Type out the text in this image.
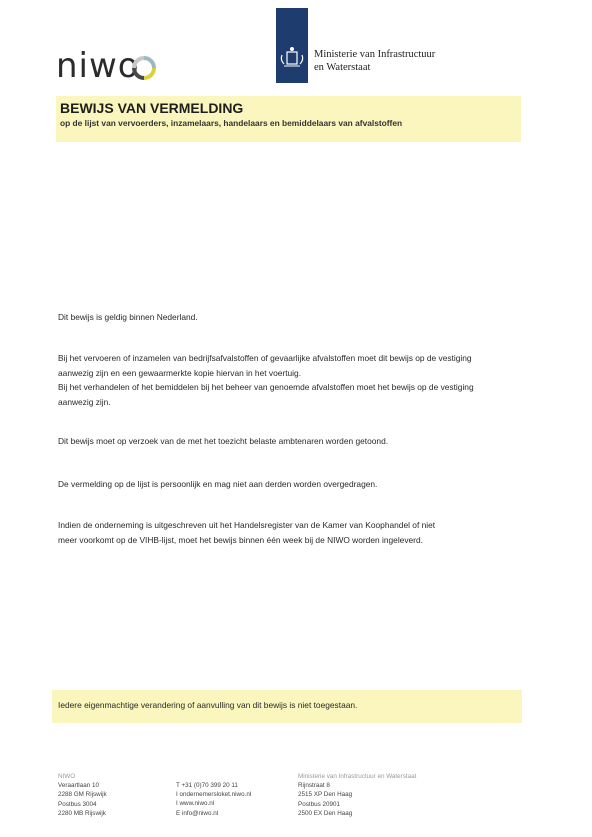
niwo	Ministerie van Infrastructuur
en Waterstaat
BEWIJS VAN VERMELDING
op de lijst van vervoerders, inzamelaars, handelaars en bemiddelaars van afvalstoffen
Dit bewijs is geldig binnen Nederland.
Bij het vervoeren of inzamelen van bedrijfsafvalstoffen of gevaarlijke afvalstoffen moet dit bewijs op de vestiging
aanwezig zijn en een gewaarmerkte kopie hiervan in het voertuig.
Bij het verhandelen of het bemiddelen bij het beheer van genoemde afvalstoffen moet het bewijs op de vestiging
aanwezig zijn.
Dit bewijs moet op verzoek van de met het toezicht belaste ambtenaren worden getoond.
De vermelding op de lijst is persoonlijk en mag niet aan derden worden overgedragen.
Indien de onderneming is uitgeschreven uit het Handelsregister van de Kamer van Koophandel of niet
meer voorkomt op de VIHB-lijst, moet het bewijs binnen één week bij de NIWO worden ingeleverd.
Iedere eigenmachtige verandering of aanvulling van dit bewijs is niet toegestaan.
NIWO
Veraartlaan 10
2288 GM Rijswijk
Postbus 3004
2280 MB Rijswijk
T +31 (0)70 399 20 11
I ondernemersloket.niwo.nl
I www.niwo.nl
E info@niwo.nl
Ministerie van Infrastructuur en Waterstaat
Rijnstraat 8
2515 XP Den Haag
Postbus 20901
2500 EX Den Haag
